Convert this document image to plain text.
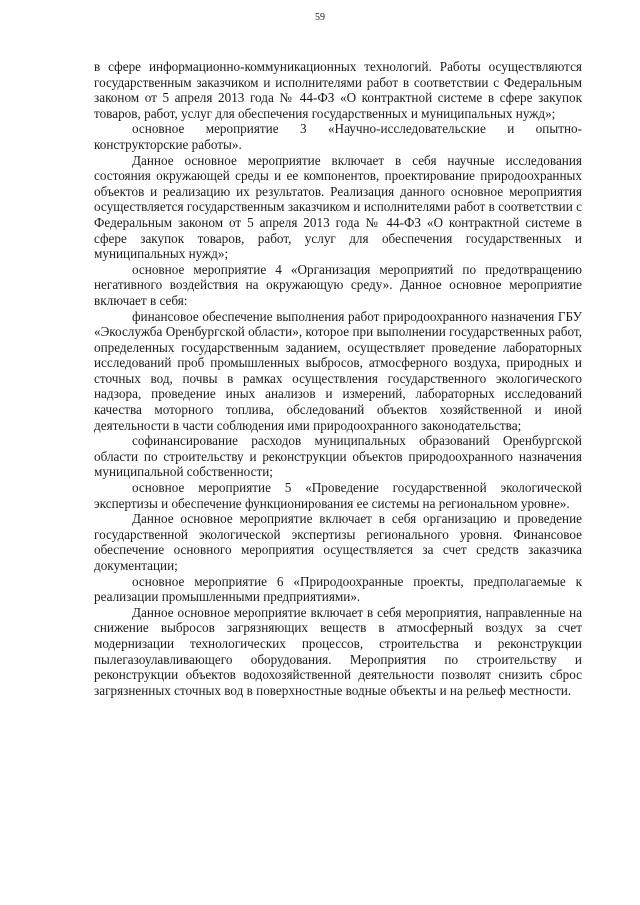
59

в сфере информационно-коммуникационных технологий. Работы осуществляются государственным заказчиком и исполнителями работ в соответствии с Федеральным законом от 5 апреля 2013 года № 44-ФЗ «О контрактной системе в сфере закупок товаров, работ, услуг для обеспечения государственных и муниципальных нужд»;

основное мероприятие 3 «Научно-исследовательские и опытно-конструкторские работы».

Данное основное мероприятие включает в себя научные исследования состояния окружающей среды и ее компонентов, проектирование природоохранных объектов и реализацию их результатов. Реализация данного основное мероприятия осуществляется государственным заказчиком и исполнителями работ в соответствии с Федеральным законом от 5 апреля 2013 года № 44-ФЗ «О контрактной системе в сфере закупок товаров, работ, услуг для обеспечения государственных и муниципальных нужд»;

основное мероприятие 4 «Организация мероприятий по предотвращению негативного воздействия на окружающую среду». Данное основное мероприятие включает в себя:

финансовое обеспечение выполнения работ природоохранного назначения ГБУ «Экослужба Оренбургской области», которое при выполнении государственных работ, определенных государственным заданием, осуществляет проведение лабораторных исследований проб промышленных выбросов, атмосферного воздуха, природных и сточных вод, почвы в рамках осуществления государственного экологического надзора, проведение иных анализов и измерений, лабораторных исследований качества моторного топлива, обследований объектов хозяйственной и иной деятельности в части соблюдения ими природоохранного законодательства;

софинансирование расходов муниципальных образований Оренбургской области по строительству и реконструкции объектов природоохранного назначения муниципальной собственности;

основное мероприятие 5 «Проведение государственной экологической экспертизы и обеспечение функционирования ее системы на региональном уровне».

Данное основное мероприятие включает в себя организацию и проведение государственной экологической экспертизы регионального уровня. Финансовое обеспечение основного мероприятия осуществляется за счет средств заказчика документации;

основное мероприятие 6 «Природоохранные проекты, предполагаемые к реализации промышленными предприятиями».

Данное основное мероприятие включает в себя мероприятия, направленные на снижение выбросов загрязняющих веществ в атмосферный воздух за счет модернизации технологических процессов, строительства и реконструкции пылегазоулавливающего оборудования. Мероприятия по строительству и реконструкции объектов водохозяйственной деятельности позволят снизить сброс загрязненных сточных вод в поверхностные водные объекты и на рельеф местности.
